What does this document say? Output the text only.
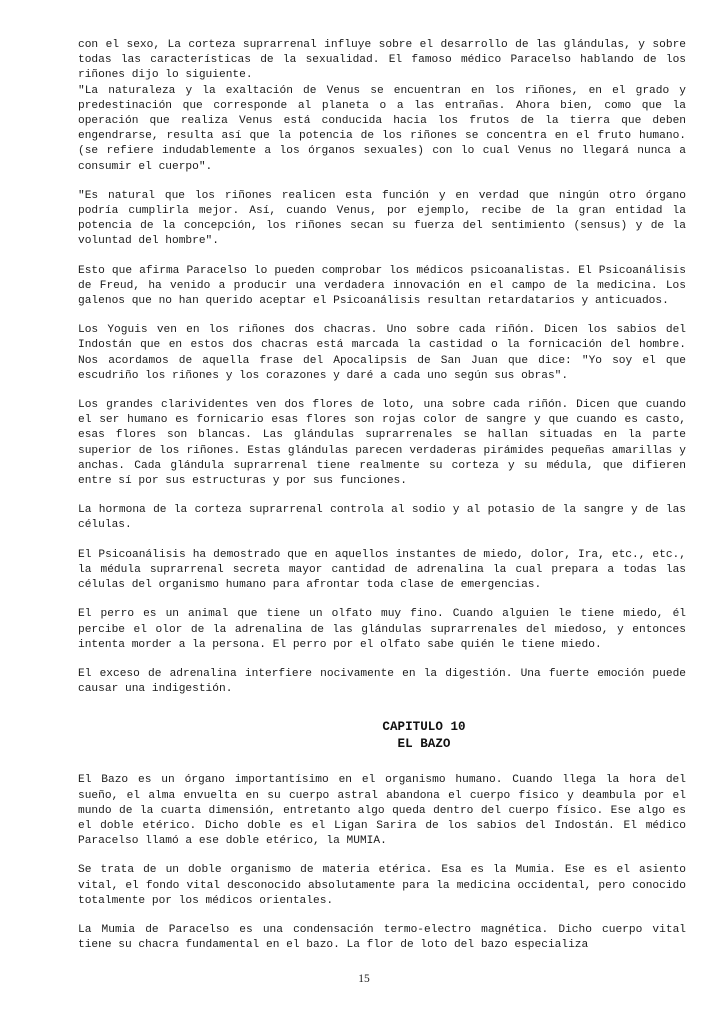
con el sexo, La corteza suprarrenal influye sobre el desarrollo de las glándulas, y sobre todas las características de la sexualidad. El famoso médico Paracelso hablando de los riñones dijo lo siguiente.
"La naturaleza y la exaltación de Venus se encuentran en los riñones, en el grado y predestinación que corresponde al planeta o a las entrañas. Ahora bien, como que la operación que realiza Venus está conducida hacia los frutos de la tierra que deben engendrarse, resulta así que la potencia de los riñones se concentra en el fruto humano. (se refiere indudablemente a los órganos sexuales) con lo cual Venus no llegará nunca a consumir el cuerpo".

"Es natural que los riñones realicen esta función y en verdad que ningún otro órgano podría cumplirla mejor. Así, cuando Venus, por ejemplo, recibe de la gran entidad la potencia de la concepción, los riñones secan su fuerza del sentimiento (sensus) y de la voluntad del hombre".

Esto que afirma Paracelso lo pueden comprobar los médicos psicoanalistas. El Psicoanálisis de Freud, ha venido a producir una verdadera innovación en el campo de la medicina. Los galenos que no han querido aceptar el Psicoanálisis resultan retardatarios y anticuados.

Los Yoguis ven en los riñones dos chacras. Uno sobre cada riñón. Dicen los sabios del Indostán que en estos dos chacras está marcada la castidad o la fornicación del hombre. Nos acordamos de aquella frase del Apocalipsis de San Juan que dice: "Yo soy el que escudriño los riñones y los corazones y daré a cada uno según sus obras".

Los grandes clarividentes ven dos flores de loto, una sobre cada riñón. Dicen que cuando el ser humano es fornicario esas flores son rojas color de sangre y que cuando es casto, esas flores son blancas. Las glándulas suprarrenales se hallan situadas en la parte superior de los riñones. Estas glándulas parecen verdaderas pirámides pequeñas amarillas y anchas. Cada glándula suprarrenal tiene realmente su corteza y su médula, que difieren entre sí por sus estructuras y por sus funciones.

La hormona de la corteza suprarrenal controla al sodio y al potasio de la sangre y de las células.

El Psicoanálisis ha demostrado que en aquellos instantes de miedo, dolor, Ira, etc., etc., la médula suprarrenal secreta mayor cantidad de adrenalina la cual prepara a todas las células del organismo humano para afrontar toda clase de emergencias.

El perro es un animal que tiene un olfato muy fino. Cuando alguien le tiene miedo, él percibe el olor de la adrenalina de las glándulas suprarrenales del miedoso, y entonces intenta morder a la persona. El perro por el olfato sabe quién le tiene miedo.

El exceso de adrenalina interfiere nocivamente en la digestión. Una fuerte emoción puede causar una indigestión.

CAPITULO 10
EL BAZO

El Bazo es un órgano importantísimo en el organismo humano. Cuando llega la hora del sueño, el alma envuelta en su cuerpo astral abandona el cuerpo físico y deambula por el mundo de la cuarta dimensión, entretanto algo queda dentro del cuerpo físico. Ese algo es el doble etérico. Dicho doble es el Ligan Sarira de los sabios del Indostán. El médico Paracelso llamó a ese doble etérico, la MUMIA.

Se trata de un doble organismo de materia etérica. Esa es la Mumia. Ese es el asiento vital, el fondo vital desconocido absolutamente para la medicina occidental, pero conocido totalmente por los médicos orientales.

La Mumia de Paracelso es una condensación termo-electro magnética. Dicho cuerpo vital tiene su chacra fundamental en el bazo. La flor de loto del bazo especializa

15
